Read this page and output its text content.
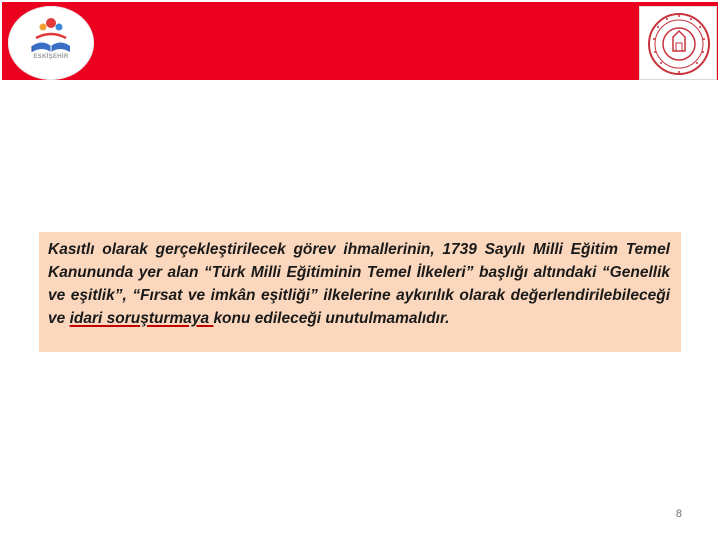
ESKİŞEHİR

Kasıtlı olarak gerçekleştirilecek görev ihmallerinin, 1739 Sayılı Milli Eğitim Temel Kanununda yer alan “Türk Milli Eğitiminin Temel İlkeleri” başlığı altındaki “Genellik ve eşitlik”, “Fırsat ve imkân eşitliği” ilkelerine aykırılık olarak değerlendirilebileceği ve idari soruşturmaya konu edileceği unutulmamalıdır.

8
